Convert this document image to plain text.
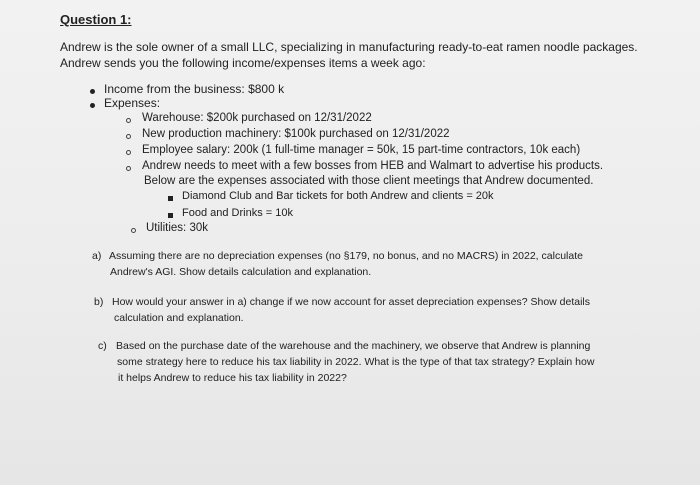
Question 1:
Andrew is the sole owner of a small LLC, specializing in manufacturing ready-to-eat ramen noodle packages.
Andrew sends you the following income/expenses items a week ago:
Income from the business: $800 k
Expenses:
Warehouse: $200k purchased on 12/31/2022
New production machinery: $100k purchased on 12/31/2022
Employee salary: 200k (1 full-time manager = 50k, 15 part-time contractors, 10k each)
Andrew needs to meet with a few bosses from HEB and Walmart to advertise his products.
Below are the expenses associated with those client meetings that Andrew documented.
Diamond Club and Bar tickets for both Andrew and clients = 20k
Food and Drinks = 10k
Utilities: 30k
a) Assuming there are no depreciation expenses (no §179, no bonus, and no MACRS) in 2022, calculate
Andrew's AGI. Show details calculation and explanation.
b) How would your answer in a) change if we now account for asset depreciation expenses? Show details
calculation and explanation.
c) Based on the purchase date of the warehouse and the machinery, we observe that Andrew is planning
some strategy here to reduce his tax liability in 2022. What is the type of that tax strategy? Explain how
it helps Andrew to reduce his tax liability in 2022?
